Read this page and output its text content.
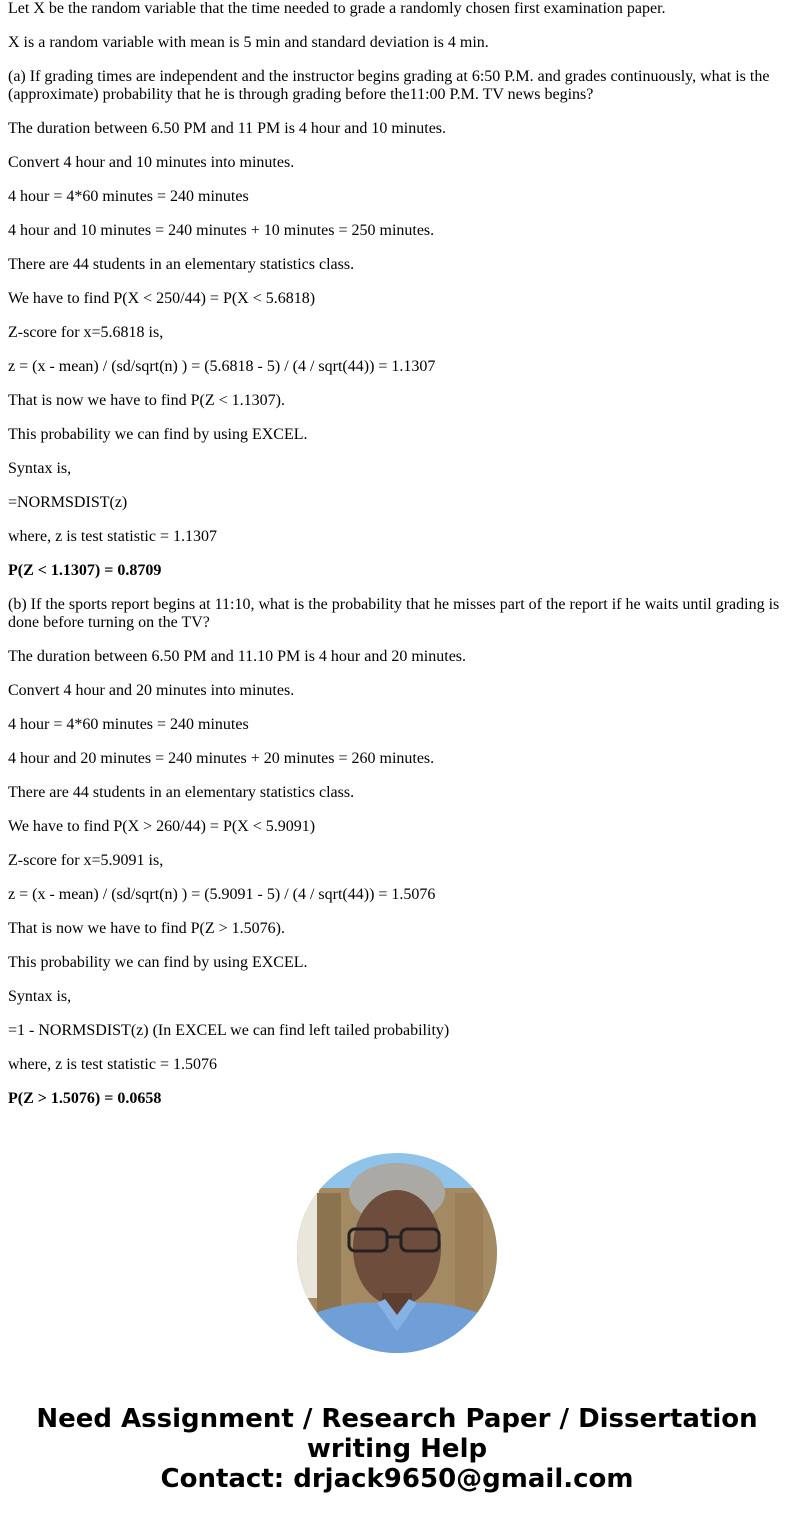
Let X be the random variable that the time needed to grade a randomly chosen first examination paper.

X is a random variable with mean is 5 min and standard deviation is 4 min.

(a) If grading times are independent and the instructor begins grading at 6:50 P.M. and grades continuously, what is the (approximate) probability that he is through grading before the11:00 P.M. TV news begins?

The duration between 6.50 PM and 11 PM is 4 hour and 10 minutes.

Convert 4 hour and 10 minutes into minutes.

4 hour = 4*60 minutes = 240 minutes

4 hour and 10 minutes = 240 minutes + 10 minutes = 250 minutes.

There are 44 students in an elementary statistics class.

We have to find P(X < 250/44) = P(X < 5.6818)

Z-score for x=5.6818 is,

z = (x - mean) / (sd/sqrt(n) ) = (5.6818 - 5) / (4 / sqrt(44)) = 1.1307

That is now we have to find P(Z < 1.1307).

This probability we can find by using EXCEL.

Syntax is,

=NORMSDIST(z)

where, z is test statistic = 1.1307

P(Z < 1.1307) = 0.8709

(b) If the sports report begins at 11:10, what is the probability that he misses part of the report if he waits until grading is done before turning on the TV?

The duration between 6.50 PM and 11.10 PM is 4 hour and 20 minutes.

Convert 4 hour and 20 minutes into minutes.

4 hour = 4*60 minutes = 240 minutes

4 hour and 20 minutes = 240 minutes + 20 minutes = 260 minutes.

There are 44 students in an elementary statistics class.

We have to find P(X > 260/44) = P(X < 5.9091)

Z-score for x=5.9091 is,

z = (x - mean) / (sd/sqrt(n) ) = (5.9091 - 5) / (4 / sqrt(44)) = 1.5076

That is now we have to find P(Z > 1.5076).

This probability we can find by using EXCEL.

Syntax is,

=1 - NORMSDIST(z) (In EXCEL we can find left tailed probability)

where, z is test statistic = 1.5076

P(Z > 1.5076) = 0.0658

Need Assignment / Research Paper / Dissertation
writing Help
Contact: drjack9650@gmail.com
